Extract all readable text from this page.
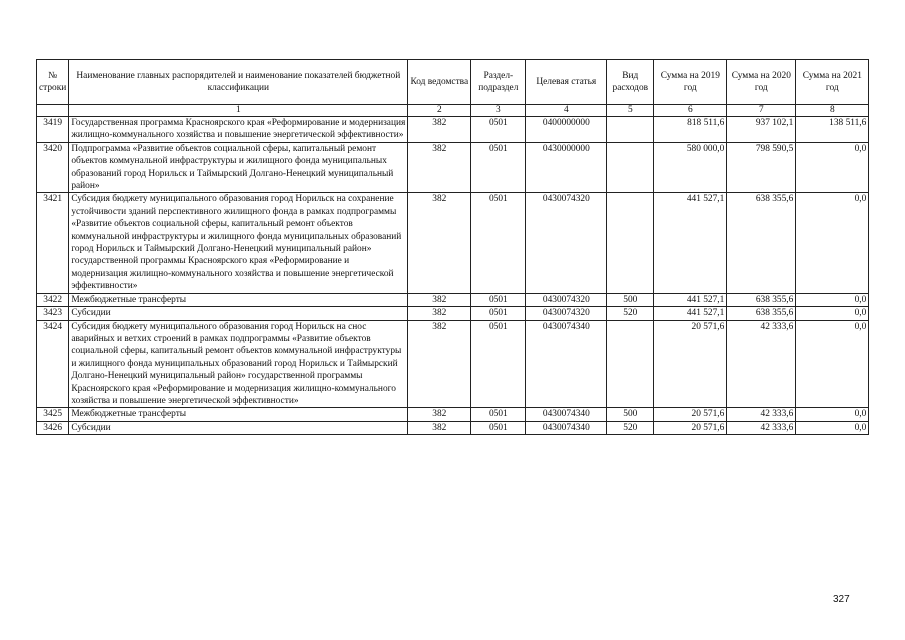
№ строки	Наименование главных распорядителей и наименование показателей бюджетной классификации	Код ведомства	Раздел-подраздел	Целевая статья	Вид расходов	Сумма на 2019 год	Сумма на 2020 год	Сумма на 2021 год
	1	2	3	4	5	6	7	8
3419	Государственная программа Красноярского края «Реформирование и модернизация жилищно-коммунального хозяйства и повышение энергетической эффективности»	382	0501	0400000000		818 511,6	937 102,1	138 511,6
3420	Подпрограмма «Развитие объектов социальной сферы, капитальный ремонт объектов коммунальной инфраструктуры и жилищного фонда муниципальных образований город Норильск и Таймырский Долгано-Ненецкий муниципальный район»	382	0501	0430000000		580 000,0	798 590,5	0,0
3421	Субсидия бюджету муниципального образования город Норильск на сохранение устойчивости зданий перспективного жилищного фонда в рамках подпрограммы «Развитие объектов социальной сферы, капитальный ремонт объектов коммунальной инфраструктуры и жилищного фонда муниципальных образований город Норильск и Таймырский Долгано-Ненецкий муниципальный район» государственной программы Красноярского края «Реформирование и модернизация жилищно-коммунального хозяйства и повышение энергетической эффективности»	382	0501	0430074320		441 527,1	638 355,6	0,0
3422	Межбюджетные трансферты	382	0501	0430074320	500	441 527,1	638 355,6	0,0
3423	Субсидии	382	0501	0430074320	520	441 527,1	638 355,6	0,0
3424	Субсидия бюджету муниципального образования город Норильск на снос аварийных и ветхих строений в рамках подпрограммы «Развитие объектов социальной сферы, капитальный ремонт объектов коммунальной инфраструктуры и жилищного фонда муниципальных образований город Норильск и Таймырский Долгано-Ненецкий муниципальный район» государственной программы Красноярского края «Реформирование и модернизация жилищно-коммунального хозяйства и повышение энергетической эффективности»	382	0501	0430074340		20 571,6	42 333,6	0,0
3425	Межбюджетные трансферты	382	0501	0430074340	500	20 571,6	42 333,6	0,0
3426	Субсидии	382	0501	0430074340	520	20 571,6	42 333,6	0,0
327
